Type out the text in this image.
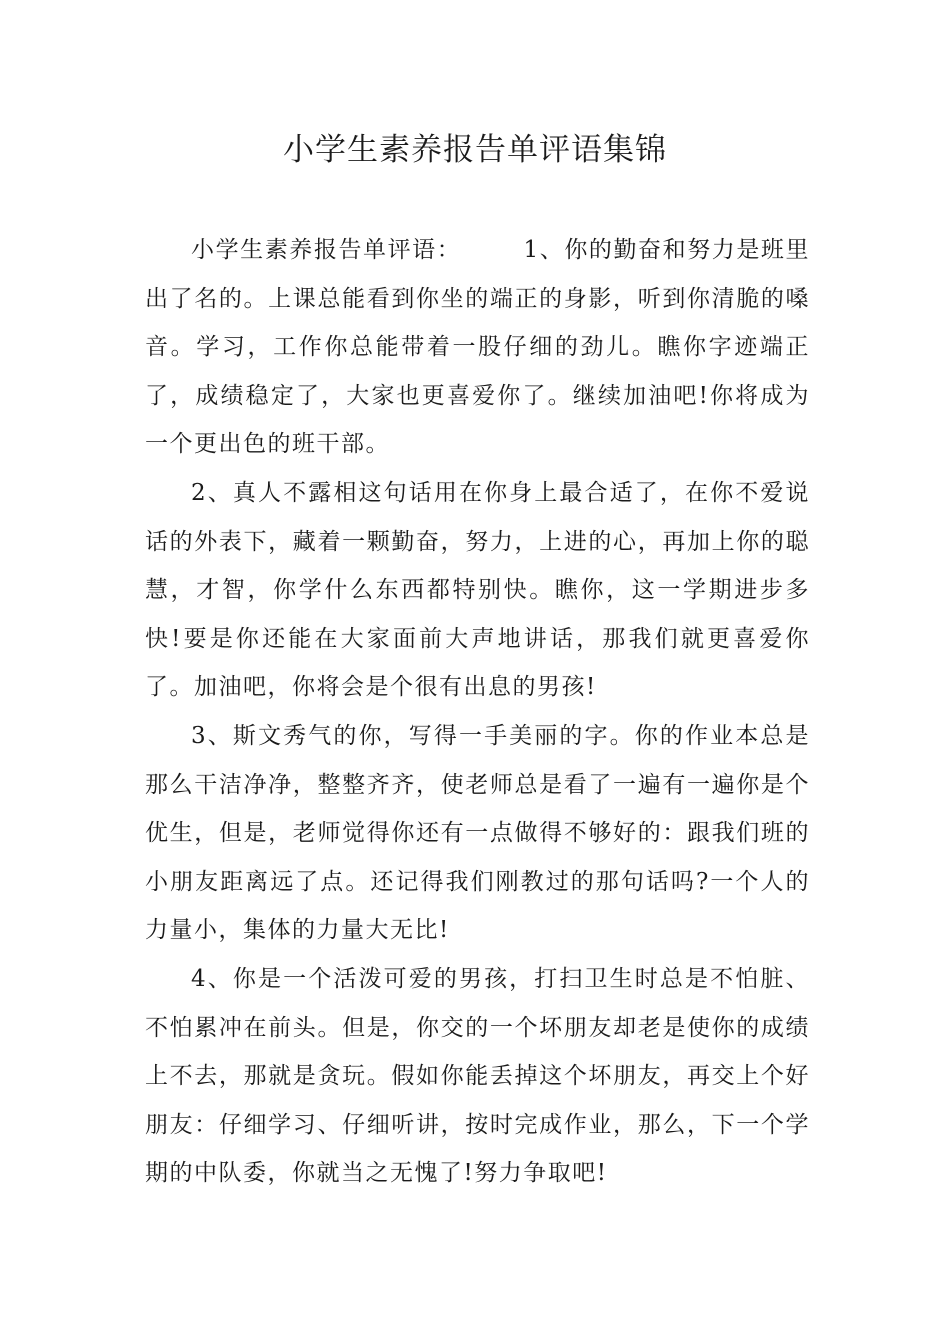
小学生素养报告单评语集锦

小学生素养报告单评语：　　　1、你的勤奋和努力是班里出了名的。上课总能看到你坐的端正的身影，听到你清脆的嗓音。学习，工作你总能带着一股仔细的劲儿。瞧你字迹端正了，成绩稳定了，大家也更喜爱你了。继续加油吧!你将成为一个更出色的班干部。

2、真人不露相这句话用在你身上最合适了，在你不爱说话的外表下，藏着一颗勤奋，努力，上进的心，再加上你的聪慧，才智，你学什么东西都特别快。瞧你，这一学期进步多快!要是你还能在大家面前大声地讲话，那我们就更喜爱你了。加油吧，你将会是个很有出息的男孩!

3、斯文秀气的你，写得一手美丽的字。你的作业本总是那么干洁净净，整整齐齐，使老师总是看了一遍有一遍你是个优生，但是，老师觉得你还有一点做得不够好的：跟我们班的小朋友距离远了点。还记得我们刚教过的那句话吗?一个人的力量小，集体的力量大无比!

4、你是一个活泼可爱的男孩，打扫卫生时总是不怕脏、不怕累冲在前头。但是，你交的一个坏朋友却老是使你的成绩上不去，那就是贪玩。假如你能丢掉这个坏朋友，再交上个好朋友：仔细学习、仔细听讲，按时完成作业，那么，下一个学期的中队委，你就当之无愧了!努力争取吧!
